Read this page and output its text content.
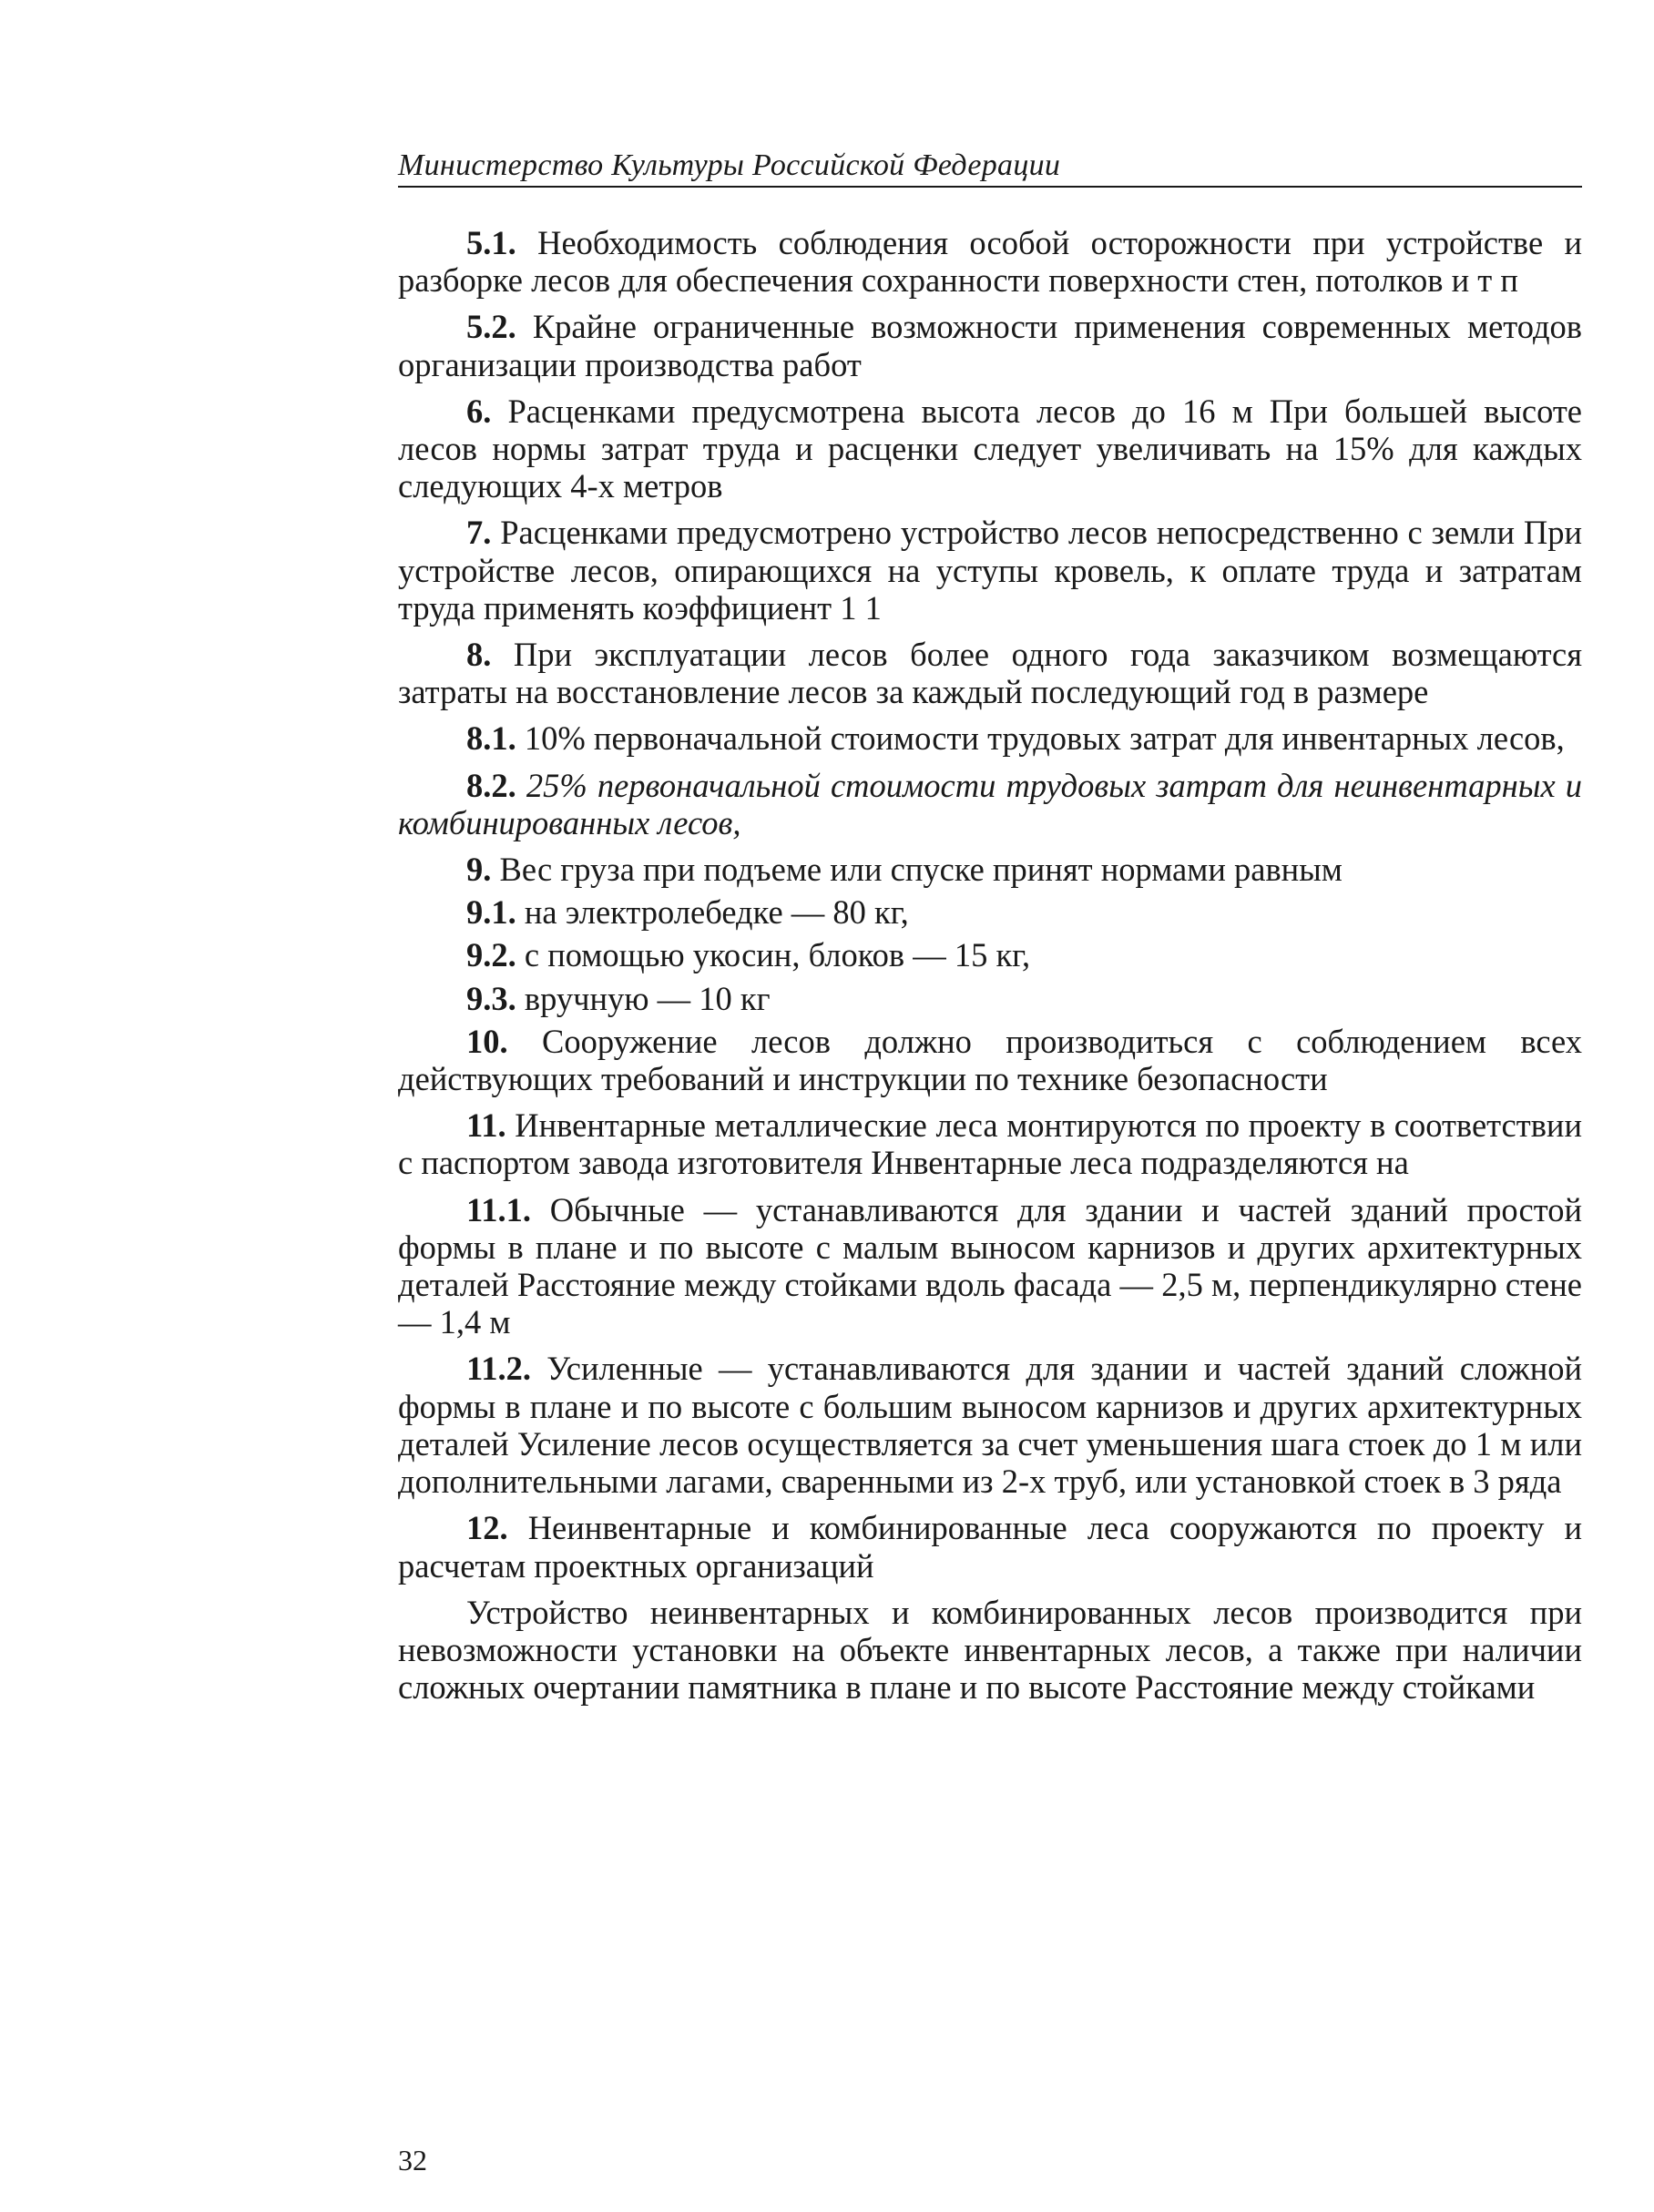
Министерство Культуры Российской Федерации

5.1. Необходимость соблюдения особой осторожности при устройстве и разборке лесов для обеспечения сохранности поверхности стен, потолков и т п

5.2. Крайне ограниченные возможности применения современных методов организации производства работ

6. Расценками предусмотрена высота лесов до 16 м При большей высоте лесов нормы затрат труда и расценки следует увеличивать на 15% для каждых следующих 4-х метров

7. Расценками предусмотрено устройство лесов непосредственно с земли При устройстве лесов, опирающихся на уступы кровель, к оплате труда и затратам труда применять коэффициент 1 1

8. При эксплуатации лесов более одного года заказчиком возмещаются затраты на восстановление лесов за каждый последующий год в размере

8.1. 10% первоначальной стоимости трудовых затрат для инвентарных лесов,

8.2. 25% первоначальной стоимости трудовых затрат для неинвентарных и комбинированных лесов,

9. Вес груза при подъеме или спуске принят нормами равным

9.1. на электролебедке — 80 кг,

9.2. с помощью укосин, блоков — 15 кг,

9.3. вручную — 10 кг

10. Сооружение лесов должно производиться с соблюдением всех действующих требований и инструкции по технике безопасности

11. Инвентарные металлические леса монтируются по проекту в соответствии с паспортом завода изготовителя Инвентарные леса подразделяются на

11.1. Обычные — устанавливаются для здании и частей зданий простой формы в плане и по высоте с малым выносом карнизов и других архитектурных деталей Расстояние между стойками вдоль фасада — 2,5 м, перпендикулярно стене — 1,4 м

11.2. Усиленные — устанавливаются для здании и частей зданий сложной формы в плане и по высоте с большим выносом карнизов и других архитектурных деталей Усиление лесов осуществляется за счет уменьшения шага стоек до 1 м или дополнительными лагами, сваренными из 2-х труб, или установкой стоек в 3 ряда

12. Неинвентарные и комбинированные леса сооружаются по проекту и расчетам проектных организаций

Устройство неинвентарных и комбинированных лесов производится при невозможности установки на объекте инвентарных лесов, а также при наличии сложных очертании памятника в плане и по высоте Расстояние между стойками

32
